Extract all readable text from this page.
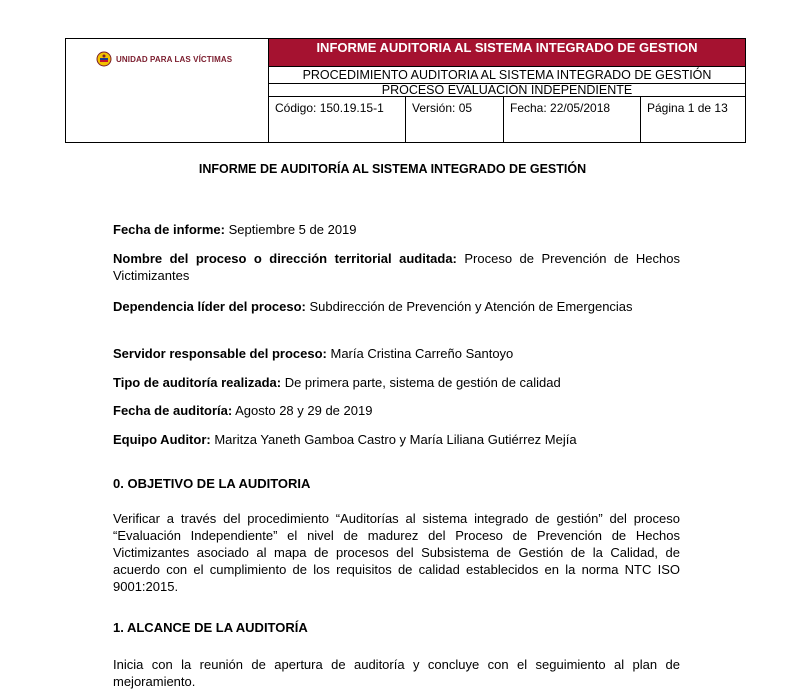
UNIDAD PARA LAS VÍCTIMAS
INFORME AUDITORIA AL SISTEMA INTEGRADO DE GESTION
PROCEDIMIENTO AUDITORIA AL SISTEMA INTEGRADO DE GESTIÓN
PROCESO EVALUACIÓN INDEPENDIENTE
Código: 150.19.15-1	Versión: 05	Fecha: 22/05/2018	Página 1 de 13
INFORME DE AUDITORÍA AL SISTEMA INTEGRADO DE GESTIÓN
Fecha de informe: Septiembre 5 de 2019
Nombre del proceso o dirección territorial auditada: Proceso de Prevención de Hechos Victimizantes
Dependencia líder del proceso: Subdirección de Prevención y Atención de Emergencias
Servidor responsable del proceso: María Cristina Carreño Santoyo
Tipo de auditoría realizada: De primera parte, sistema de gestión de calidad
Fecha de auditoría: Agosto 28 y 29 de 2019
Equipo Auditor: Maritza Yaneth Gamboa Castro y María Liliana Gutiérrez Mejía
0. OBJETIVO DE LA AUDITORIA
Verificar a través del procedimiento “Auditorías al sistema integrado de gestión” del proceso “Evaluación Independiente” el nivel de madurez del Proceso de Prevención de Hechos Victimizantes asociado al mapa de procesos del Subsistema de Gestión de la Calidad, de acuerdo con el cumplimiento de los requisitos de calidad establecidos en la norma NTC ISO 9001:2015.
1. ALCANCE DE LA AUDITORÍA
Inicia con la reunión de apertura de auditoría y concluye con el seguimiento al plan de mejoramiento.
